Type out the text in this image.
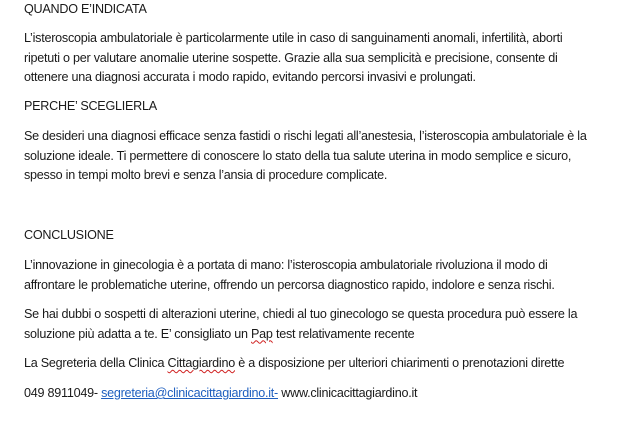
QUANDO E’INDICATA
L’isteroscopia ambulatoriale è particolarmente utile in caso di sanguinamenti anomali, infertilità, aborti
ripetuti o per valutare anomalie uterine sospette. Grazie alla sua semplicità e precisione, consente di
ottenere una diagnosi accurata i modo rapido, evitando percorsi invasivi e prolungati.
PERCHE’ SCEGLIERLA
Se desideri una diagnosi efficace senza fastidi o rischi legati all’anestesia, l’isteroscopia ambulatoriale è la
soluzione ideale. Ti permettere di conoscere lo stato della tua salute uterina in modo semplice e sicuro,
spesso in tempi molto brevi e senza l’ansia di procedure complicate.
CONCLUSIONE
L’innovazione in ginecologia è a portata di mano: l’isteroscopia ambulatoriale rivoluziona il modo di
affrontare le problematiche uterine, offrendo un percorsa diagnostico rapido, indolore e senza rischi.
Se hai dubbi o sospetti di alterazioni uterine, chiedi al tuo ginecologo se questa procedura può essere la
soluzione più adatta a te. E’ consigliato un Pap test relativamente recente
La Segreteria della Clinica Cittagiardino è a disposizione per ulteriori chiarimenti o prenotazioni dirette
049 8911049- segreteria@clinicacittagiardino.it- www.clinicacittagiardino.it
